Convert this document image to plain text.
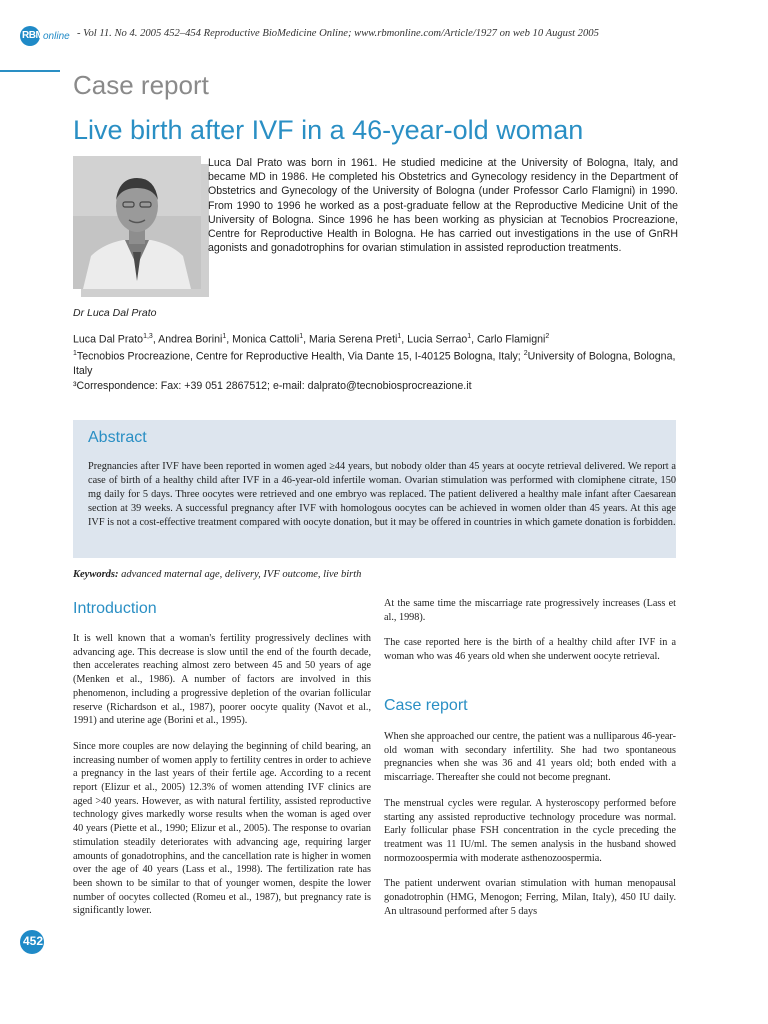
RBM online - Vol 11. No 4. 2005 452–454 Reproductive BioMedicine Online; www.rbmonline.com/Article/1927 on web 10 August 2005
Case report
Live birth after IVF in a 46-year-old woman
Dr Luca Dal Prato
Luca Dal Prato was born in 1961. He studied medicine at the University of Bologna, Italy, and became MD in 1986. He completed his Obstetrics and Gynecology residency in the Department of Obstetrics and Gynecology of the University of Bologna (under Professor Carlo Flamigni) in 1990. From 1990 to 1996 he worked as a post-graduate fellow at the Reproductive Medicine Unit of the University of Bologna. Since 1996 he has been working as physician at Tecnobios Procreazione, Centre for Reproductive Health in Bologna. He has carried out investigations in the use of GnRH agonists and gonadotrophins for ovarian stimulation in assisted reproduction treatments.
Luca Dal Prato$^{1,3}$, Andrea Borini$^1$, Monica Cattoli$^1$, Maria Serena Preti$^1$, Lucia Serrao$^1$, Carlo Flamigni$^2$
$^1$Tecnobios Procreazione, Centre for Reproductive Health, Via Dante 15, I-40125 Bologna, Italy; $^2$University of Bologna, Bologna, Italy
³Correspondence: Fax: +39 051 2867512; e-mail: dalprato@tecnobiosprocreazione.it
Abstract
Pregnancies after IVF have been reported in women aged ≥44 years, but nobody older than 45 years at oocyte retrieval delivered. We report a case of birth of a healthy child after IVF in a 46-year-old infertile woman. Ovarian stimulation was performed with clomiphene citrate, 150 mg daily for 5 days. Three oocytes were retrieved and one embryo was replaced. The patient delivered a healthy male infant after Caesarean section at 39 weeks. A successful pregnancy after IVF with homologous oocytes can be achieved in women older than 45 years. At this age IVF is not a cost-effective treatment compared with oocyte donation, but it may be offered in countries in which gamete donation is forbidden.
Keywords: advanced maternal age, delivery, IVF outcome, live birth
Introduction

It is well known that a woman's fertility progressively declines with advancing age. This decrease is slow until the end of the fourth decade, then accelerates reaching almost zero between 45 and 50 years of age (Menken et al., 1986). A number of factors are involved in this phenomenon, including a progressive depletion of the ovarian follicular reserve (Richardson et al., 1987), poorer oocyte quality (Navot et al., 1991) and uterine age (Borini et al., 1995).

Since more couples are now delaying the beginning of child bearing, an increasing number of women apply to fertility centres in order to achieve a pregnancy in the last years of their fertile age. According to a recent report (Elizur et al., 2005) 12.3% of women attending IVF clinics are aged >40 years. However, as with natural fertility, assisted reproductive technology gives markedly worse results when the woman is aged over 40 years (Piette et al., 1990; Elizur et al., 2005). The response to ovarian stimulation steadily deteriorates with advancing age, requiring larger amounts of gonadotrophins, and the cancellation rate is higher in women over the age of 40 years (Lass et al., 1998). The fertilization rate has been shown to be similar to that of younger women, despite the lower number of oocytes collected (Romeu et al., 1987), but pregnancy rate is significantly lower.

At the same time the miscarriage rate progressively increases (Lass et al., 1998).

The case reported here is the birth of a healthy child after IVF in a woman who was 46 years old when she underwent oocyte retrieval.

Case report

When she approached our centre, the patient was a nulliparous 46-year-old woman with secondary infertility. She had two spontaneous pregnancies when she was 36 and 41 years old; both ended with a miscarriage. Thereafter she could not become pregnant.

The menstrual cycles were regular. A hysteroscopy performed before starting any assisted reproductive technology procedure was normal. Early follicular phase FSH concentration in the cycle preceding the treatment was 11 IU/ml. The semen analysis in the husband showed normozoospermia with moderate asthenozoospermia.

The patient underwent ovarian stimulation with human menopausal gonadotrophin (HMG, Menogon; Ferring, Milan, Italy), 450 IU daily. An ultrasound performed after 5 days

452
